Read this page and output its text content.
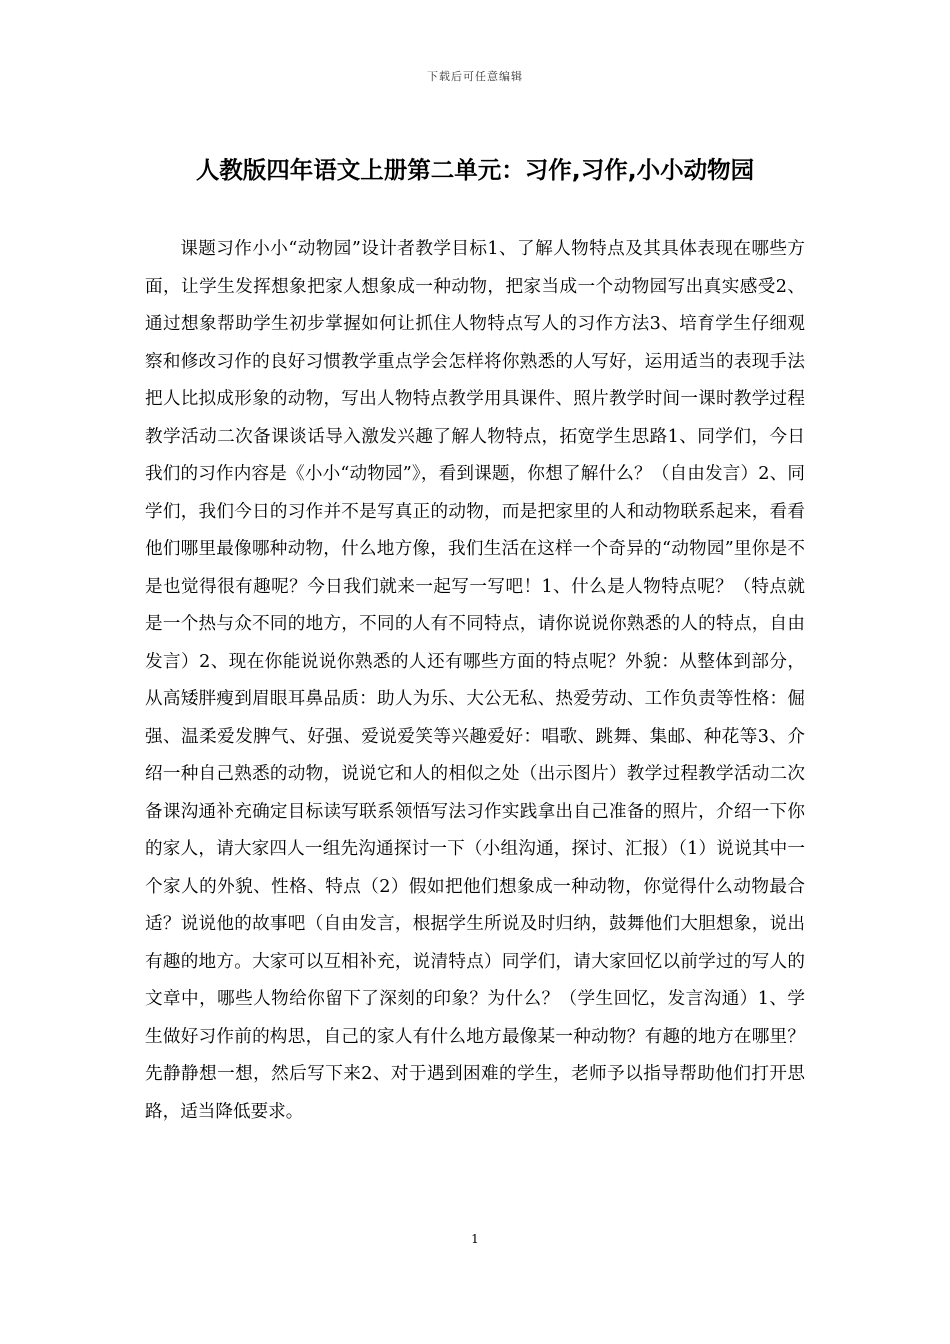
下载后可任意编辑
人教版四年语文上册第二单元：习作,习作,小小动物园

课题习作小小“动物园”设计者教学目标1、了解人物特点及其具体表现在哪些方面，让学生发挥想象把家人想象成一种动物，把家当成一个动物园写出真实感受2、通过想象帮助学生初步掌握如何让抓住人物特点写人的习作方法3、培育学生仔细观察和修改习作的良好习惯教学重点学会怎样将你熟悉的人写好，运用适当的表现手法把人比拟成形象的动物，写出人物特点教学用具课件、照片教学时间一课时教学过程教学活动二次备课谈话导入激发兴趣了解人物特点，拓宽学生思路1、同学们，今日我们的习作内容是《小小“动物园”》，看到课题，你想了解什么？（自由发言）2、同学们，我们今日的习作并不是写真正的动物，而是把家里的人和动物联系起来，看看他们哪里最像哪种动物，什么地方像，我们生活在这样一个奇异的“动物园”里你是不是也觉得很有趣呢？今日我们就来一起写一写吧！1、什么是人物特点呢？（特点就是一个热与众不同的地方，不同的人有不同特点，请你说说你熟悉的人的特点，自由发言）2、现在你能说说你熟悉的人还有哪些方面的特点呢？外貌：从整体到部分，从高矮胖瘦到眉眼耳鼻品质：助人为乐、大公无私、热爱劳动、工作负责等性格：倔强、温柔爱发脾气、好强、爱说爱笑等兴趣爱好：唱歌、跳舞、集邮、种花等3、介绍一种自己熟悉的动物，说说它和人的相似之处（出示图片）教学过程教学活动二次备课沟通补充确定目标读写联系领悟写法习作实践拿出自己准备的照片，介绍一下你的家人，请大家四人一组先沟通探讨一下（小组沟通，探讨、汇报）（1）说说其中一个家人的外貌、性格、特点（2）假如把他们想象成一种动物，你觉得什么动物最合适？说说他的故事吧（自由发言，根据学生所说及时归纳，鼓舞他们大胆想象，说出有趣的地方。大家可以互相补充，说清特点）同学们，请大家回忆以前学过的写人的文章中，哪些人物给你留下了深刻的印象？为什么？（学生回忆，发言沟通）1、学生做好习作前的构思，自己的家人有什么地方最像某一种动物？有趣的地方在哪里？先静静想一想，然后写下来2、对于遇到困难的学生，老师予以指导帮助他们打开思路，适当降低要求。

1
